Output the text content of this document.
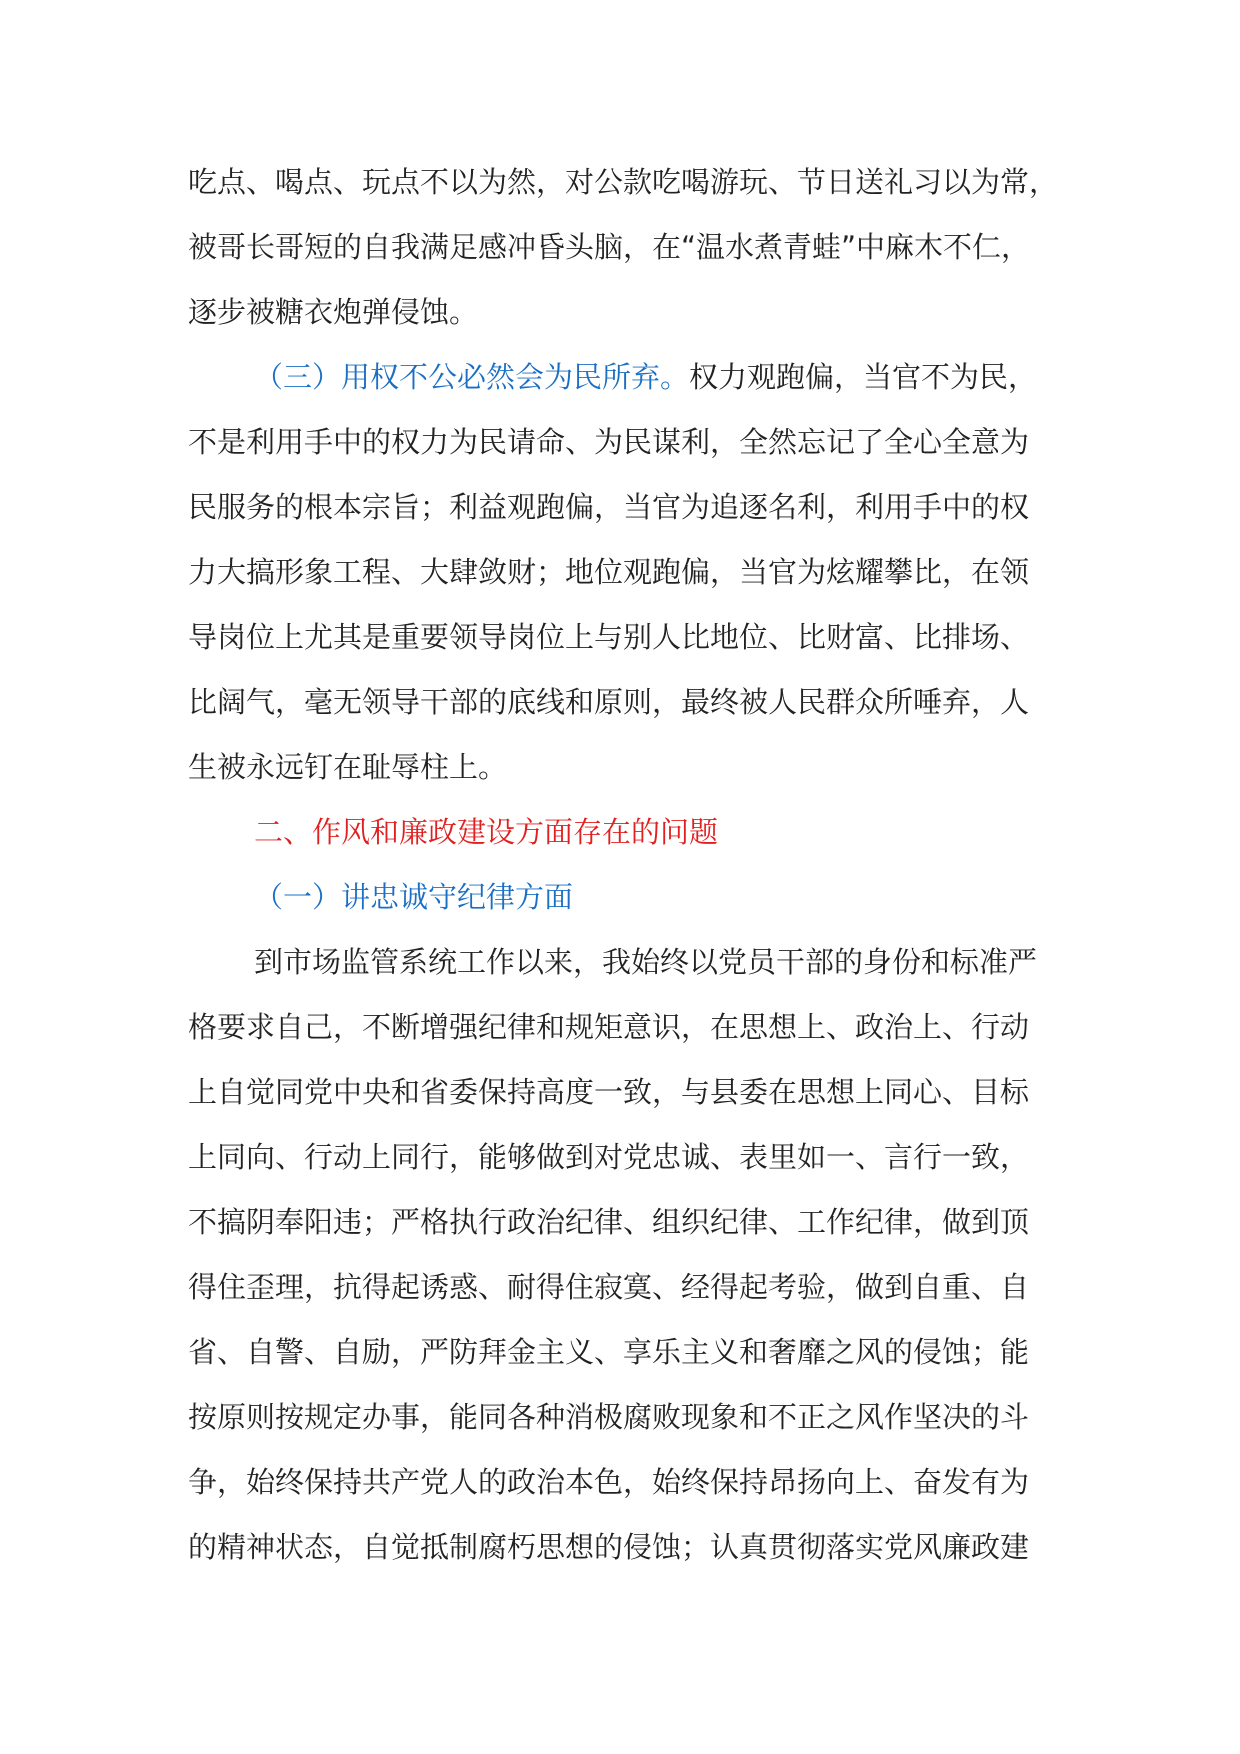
吃点、喝点、玩点不以为然，对公款吃喝游玩、节日送礼习以为常，
被哥长哥短的自我满足感冲昏头脑，在“温水煮青蛙”中麻木不仁，
逐步被糖衣炮弹侵蚀。
（三）用权不公必然会为民所弃。权力观跑偏，当官不为民，
不是利用手中的权力为民请命、为民谋利，全然忘记了全心全意为
民服务的根本宗旨；利益观跑偏，当官为追逐名利，利用手中的权
力大搞形象工程、大肆敛财；地位观跑偏，当官为炫耀攀比，在领
导岗位上尤其是重要领导岗位上与别人比地位、比财富、比排场、
比阔气，毫无领导干部的底线和原则，最终被人民群众所唾弃，人
生被永远钉在耻辱柱上。
二、作风和廉政建设方面存在的问题
（一）讲忠诚守纪律方面
到市场监管系统工作以来，我始终以党员干部的身份和标准严
格要求自己，不断增强纪律和规矩意识，在思想上、政治上、行动
上自觉同党中央和省委保持高度一致，与县委在思想上同心、目标
上同向、行动上同行，能够做到对党忠诚、表里如一、言行一致，
不搞阴奉阳违；严格执行政治纪律、组织纪律、工作纪律，做到顶
得住歪理，抗得起诱惑、耐得住寂寞、经得起考验，做到自重、自
省、自警、自励，严防拜金主义、享乐主义和奢靡之风的侵蚀；能
按原则按规定办事，能同各种消极腐败现象和不正之风作坚决的斗
争，始终保持共产党人的政治本色，始终保持昂扬向上、奋发有为
的精神状态，自觉抵制腐朽思想的侵蚀；认真贯彻落实党风廉政建
